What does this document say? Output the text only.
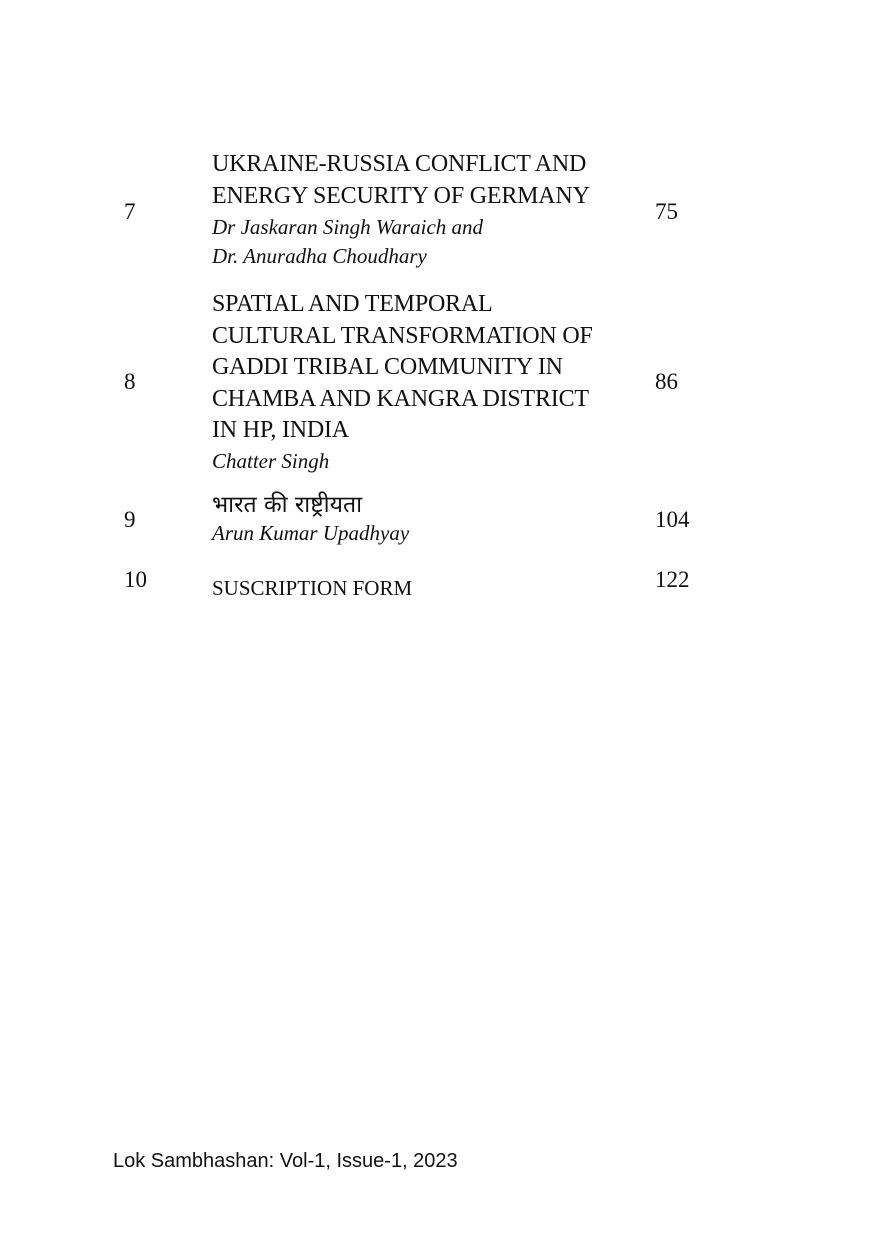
7
UKRAINE-RUSSIA CONFLICT AND
ENERGY SECURITY OF GERMANY
Dr Jaskaran Singh Waraich and
Dr. Anuradha Choudhary
75
8
SPATIAL AND TEMPORAL
CULTURAL TRANSFORMATION OF
GADDI TRIBAL COMMUNITY IN
CHAMBA AND KANGRA DISTRICT
IN HP, INDIA
Chatter Singh
86
9
भारत की राष्ट्रीयता
Arun Kumar Upadhyay
104
10	SUSCRIPTION FORM	122
Lok Sambhashan: Vol-1, Issue-1, 2023
